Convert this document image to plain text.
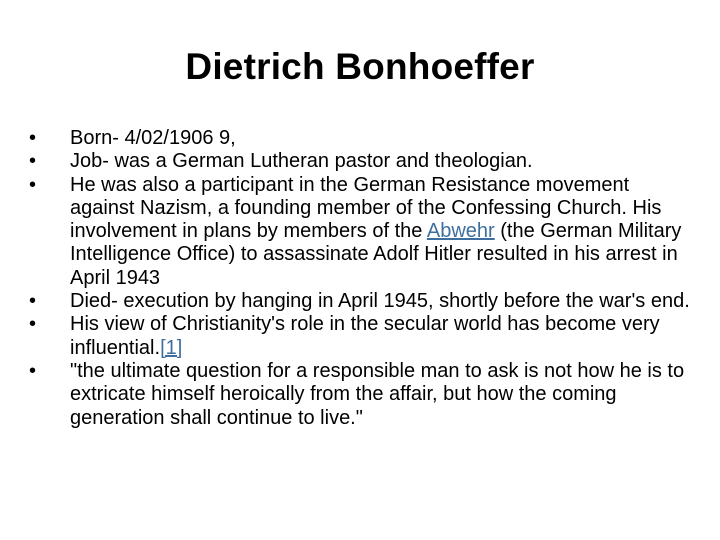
Dietrich Bonhoeffer
• Born- 4/02/1906 9,
• Job- was a German Lutheran pastor and theologian.
• He was also a participant in the German Resistance movement against Nazism, a founding member of the Confessing Church. His involvement in plans by members of the Abwehr (the German Military Intelligence Office) to assassinate Adolf Hitler resulted in his arrest in April 1943
• Died- execution by hanging in April 1945, shortly before the war's end.
• His view of Christianity's role in the secular world has become very influential.[1]
• "the ultimate question for a responsible man to ask is not how he is to extricate himself heroically from the affair, but how the coming generation shall continue to live."
